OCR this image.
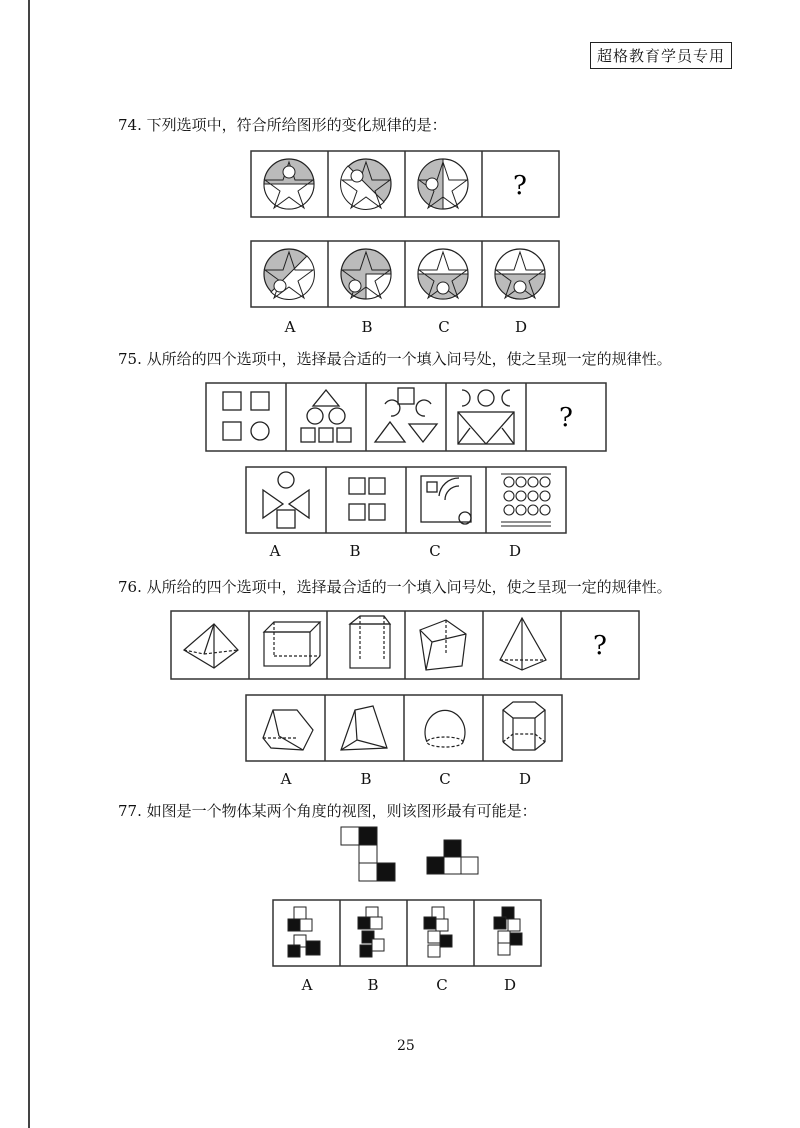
超格教育学员专用
74. 下列选项中，符合所给图形的变化规律的是：
?
A	B	C	D
75. 从所给的四个选项中，选择最合适的一个填入问号处，使之呈现一定的规律性。
?
A	B	C	D
76. 从所给的四个选项中，选择最合适的一个填入问号处，使之呈现一定的规律性。
?
A	B	C	D
77. 如图是一个物体某两个角度的视图，则该图形最有可能是：
A	B	C	D
25
